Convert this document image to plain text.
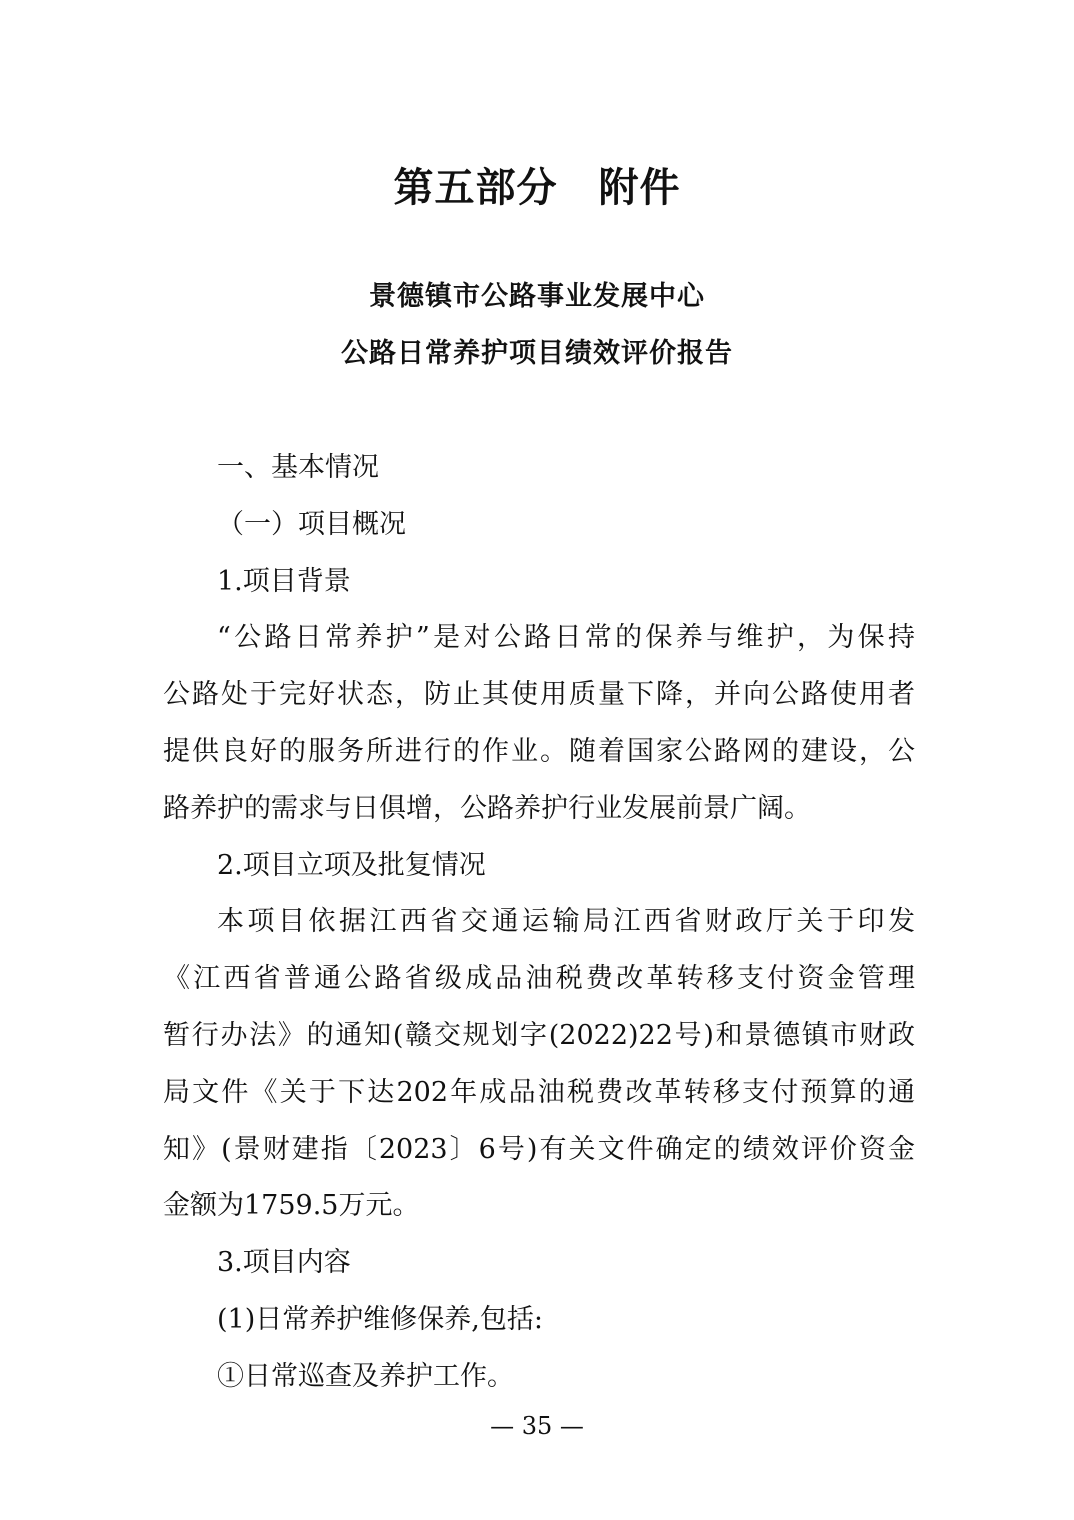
第五部分　附件
景德镇市公路事业发展中心
公路日常养护项目绩效评价报告
一、基本情况
（一）项目概况
1.项目背景
“公路日常养护”是对公路日常的保养与维护，为保持
公路处于完好状态，防止其使用质量下降，并向公路使用者
提供良好的服务所进行的作业。随着国家公路网的建设，公
路养护的需求与日俱增，公路养护行业发展前景广阔。
2.项目立项及批复情况
本项目依据江西省交通运输局江西省财政厅关于印发
《江西省普通公路省级成品油税费改革转移支付资金管理
暂行办法》的通知(赣交规划字(2022)22号)和景德镇市财政
局文件《关于下达202年成品油税费改革转移支付预算的通
知》(景财建指〔2023〕6号)有关文件确定的绩效评价资金
金额为1759.5万元。
3.项目内容
(1)日常养护维修保养,包括:
①日常巡查及养护工作。
— 35 —
